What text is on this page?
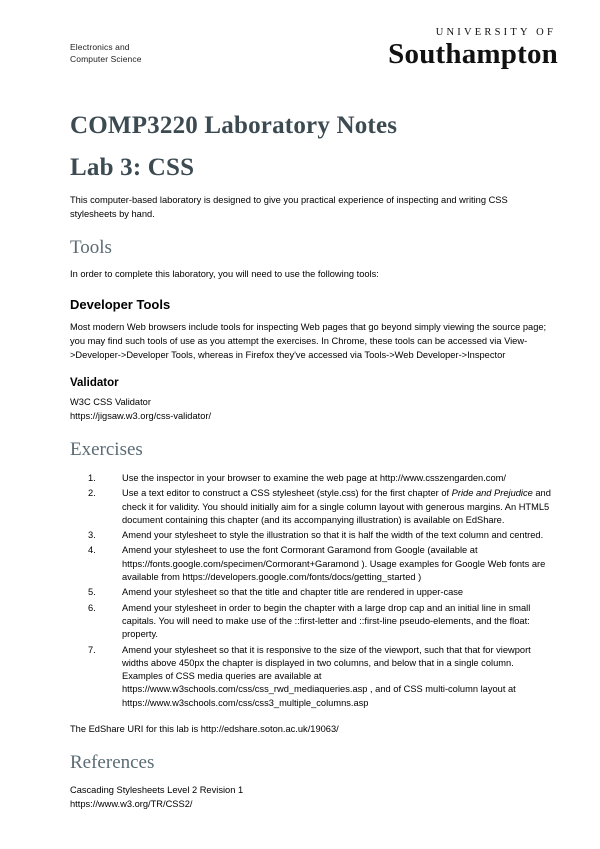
Electronics and
Computer Science
UNIVERSITY OF
Southampton
COMP3220 Laboratory Notes
Lab 3: CSS

This computer-based laboratory is designed to give you practical experience of inspecting and writing CSS stylesheets by hand.

Tools

In order to complete this laboratory, you will need to use the following tools:

Developer Tools

Most modern Web browsers include tools for inspecting Web pages that go beyond simply viewing the source page; you may find such tools of use as you attempt the exercises. In Chrome, these tools can be accessed via View->Developer->Developer Tools, whereas in Firefox they've accessed via Tools->Web Developer->Inspector

Validator

W3C CSS Validator

https://jigsaw.w3.org/css-validator/

Exercises
1.	Use the inspector in your browser to examine the web page at http://www.csszengarden.com/
2.	Use a text editor to construct a CSS stylesheet (style.css) for the first chapter of Pride and Prejudice and check it for validity. You should initially aim for a single column layout with generous margins. An HTML5 document containing this chapter (and its accompanying illustration) is available on EdShare.
3.	Amend your stylesheet to style the illustration so that it is half the width of the text column and centred.
4.	Amend your stylesheet to use the font Cormorant Garamond from Google (available at https://fonts.google.com/specimen/Cormorant+Garamond ). Usage examples for Google Web fonts are available from https://developers.google.com/fonts/docs/getting_started )
5.	Amend your stylesheet so that the title and chapter title are rendered in upper-case
6.	Amend your stylesheet in order to begin the chapter with a large drop cap and an initial line in small capitals. You will need to make use of the ::first-letter and ::first-line pseudo-elements, and the float: property.
7.	Amend your stylesheet so that it is responsive to the size of the viewport, such that that for viewport widths above 450px the chapter is displayed in two columns, and below that in a single column. Examples of CSS media queries are available at https://www.w3schools.com/css/css_rwd_mediaqueries.asp , and of CSS multi-column layout at https://www.w3schools.com/css/css3_multiple_columns.asp

The EdShare URI for this lab is http://edshare.soton.ac.uk/19063/

References

Cascading Stylesheets Level 2 Revision 1

https://www.w3.org/TR/CSS2/
